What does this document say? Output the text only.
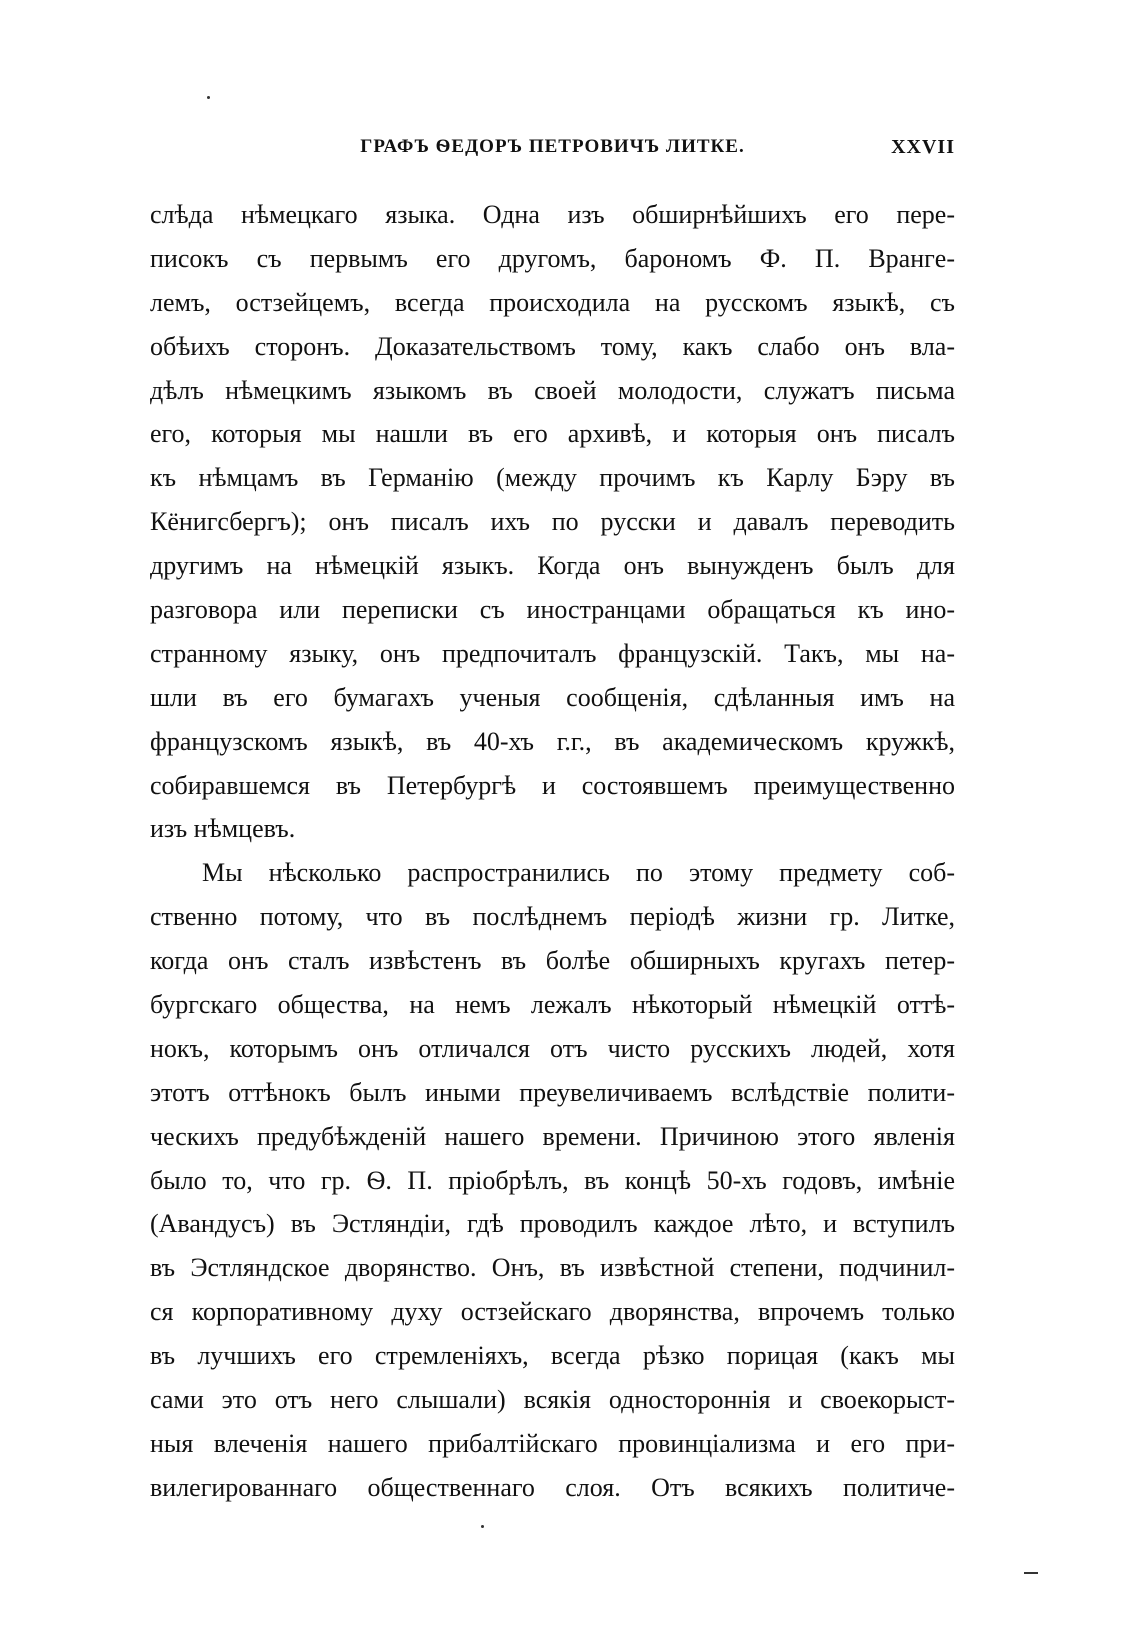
ГРАФЪ ѲЕДОРЪ ПЕТРОВИЧЪ ЛИТКЕ.	XXVII
слѣда нѣмецкаго языка. Одна изъ обширнѣйшихъ его пере-
писокъ съ первымъ его другомъ, барономъ Ф. П. Врангe-
лемъ, остзейцемъ, всегда происходила на русскомъ языкѣ, съ
обѣихъ сторонъ. Доказательствомъ тому, какъ слабо онъ вла-
дѣлъ нѣмецкимъ языкомъ въ своей молодости, служатъ письма
его, которыя мы нашли въ его архивѣ, и которыя онъ писалъ
къ нѣмцамъ въ Германію (между прочимъ къ Карлу Бэру въ
Кёнигсбергъ); онъ писалъ ихъ по русски и давалъ переводить
другимъ на нѣмецкій языкъ. Когда онъ вынужденъ былъ для
разговора или переписки съ иностранцами обращаться къ ино-
странному языку, онъ предпочиталъ французскій. Такъ, мы на-
шли въ его бумагахъ ученыя сообщенія, сдѣланныя имъ на
французскомъ языкѣ, въ 40-хъ г.г., въ академическомъ кружкѣ,
собиравшемся въ Петербургѣ и состоявшемъ преимущественно
изъ нѣмцевъ.
Мы нѣсколько распространились по этому предмету соб-
ственно потому, что въ послѣднемъ періодѣ жизни гр. Литке,
когда онъ сталъ извѣстенъ въ болѣе обширныхъ кругахъ петер-
бургскаго общества, на немъ лежалъ нѣкоторый нѣмецкій оттѣ-
нокъ, которымъ онъ отличался отъ чисто русскихъ людей, хотя
этотъ оттѣнокъ былъ иными преувеличиваемъ вслѣдствіе полити-
ческихъ предубѣжденій нашего времени. Причиною этого явленія
было то, что гр. Ѳ. П. пріобрѣлъ, въ концѣ 50-хъ годовъ, имѣніе
(Авандусъ) въ Эстляндіи, гдѣ проводилъ каждое лѣто, и вступилъ
въ Эстляндское дворянство. Онъ, въ извѣстной степени, подчинил-
ся корпоративному духу остзейскаго дворянства, впрочемъ только
въ лучшихъ его стремленіяхъ, всегда рѣзко порицая (какъ мы
сами это отъ него слышали) всякія одностороннія и своекорыст-
ныя влеченія нашего прибалтійскаго провинціализма и его при-
вилегированнаго общественнаго слоя. Отъ всякихъ политиче-
